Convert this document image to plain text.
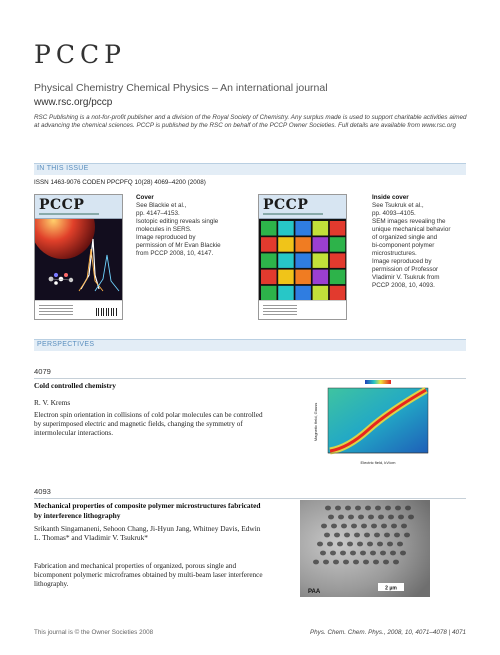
PCCP
Physical Chemistry Chemical Physics – An international journal
www.rsc.org/pccp
RSC Publishing is a not-for-profit publisher and a division of the Royal Society of Chemistry. Any surplus made is used to support charitable activities aimed at advancing the chemical sciences. PCCP is published by the RSC on behalf of the PCCP Owner Societies. Full details are available from www.rsc.org
IN THIS ISSUE
ISSN 1463-9076 CODEN PPCPFQ 10(28) 4069–4200 (2008)
PCCP	Cover
See Blackie et al.,
pp. 4147–4153.
Isotopic editing reveals single
molecules in SERS.
Image reproduced by
permission of Mr Evan Blackie
from PCCP 2008, 10, 4147.
PCCP	Inside cover
See Tsukruk et al.,
pp. 4093–4105.
SEM images revealing the
unique mechanical behavior
of organized single and
bi-component polymer
microstructures.
Image reproduced by
permission of Professor
Vladimir V. Tsukruk from
PCCP 2008, 10, 4093.
PERSPECTIVES
4079
Cold controlled chemistry
R. V. Krems
Electron spin orientation in collisions of cold polar molecules can be controlled by superimposed electric and magnetic fields, changing the symmetry of intermolecular interactions.
Electric field, kV/cm
Magnetic field, Gauss
4093
Mechanical properties of composite polymer microstructures fabricated by interference lithography
Srikanth Singamaneni, Sehoon Chang, Ji-Hyun Jang, Whitney Davis, Edwin L. Thomas* and Vladimir V. Tsukruk*
Fabrication and mechanical properties of organized, porous single and bicomponent polymeric microframes obtained by multi-beam laser interference lithography.
2 μm
PAA
This journal is © the Owner Societies 2008	Phys. Chem. Chem. Phys., 2008, 10, 4071–4078 | 4071
